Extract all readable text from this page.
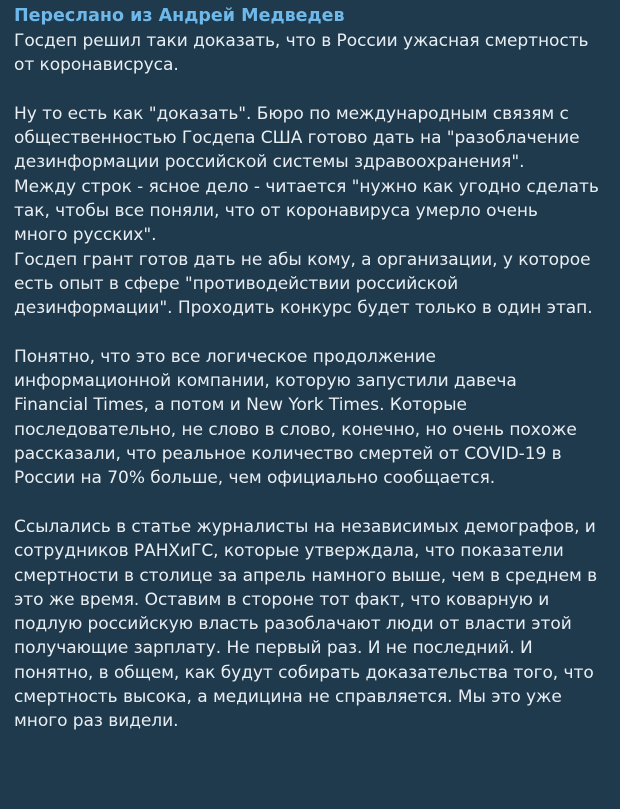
Переслано из Андрей Медведев
Госдеп решил таки доказать, что в России ужасная смертность
от коронависруса.
Ну то есть как "доказать". Бюро по международным связям с
общественностью Госдепа США готово дать на "разоблачение
дезинформации российской системы здравоохранения".
Между строк - ясное дело - читается "нужно как угодно сделать
так, чтобы все поняли, что от коронавируса умерло очень
много русских".
Госдеп грант готов дать не абы кому, а организации, у которое
есть опыт в сфере "противодействии российской
дезинформации". Проходить конкурс будет только в один этап.
Понятно, что это все логическое продолжение
информационной компании, которую запустили давеча
Financial Times, а потом и New York Times. Которые
последовательно, не слово в слово, конечно, но очень похоже
рассказали, что реальное количество смертей от COVID-19 в
России на 70% больше, чем официально сообщается.
Ссылались в статье журналисты на независимых демографов, и
сотрудников РАНХиГС, которые утверждала, что показатели
смертности в столице за апрель намного выше, чем в среднем в
это же время. Оставим в стороне тот факт, что коварную и
подлую российскую власть разоблачают люди от власти этой
получающие зарплату. Не первый раз. И не последний. И
понятно, в общем, как будут собирать доказательства того, что
смертность высока, а медицина не справляется. Мы это уже
много раз видели.
